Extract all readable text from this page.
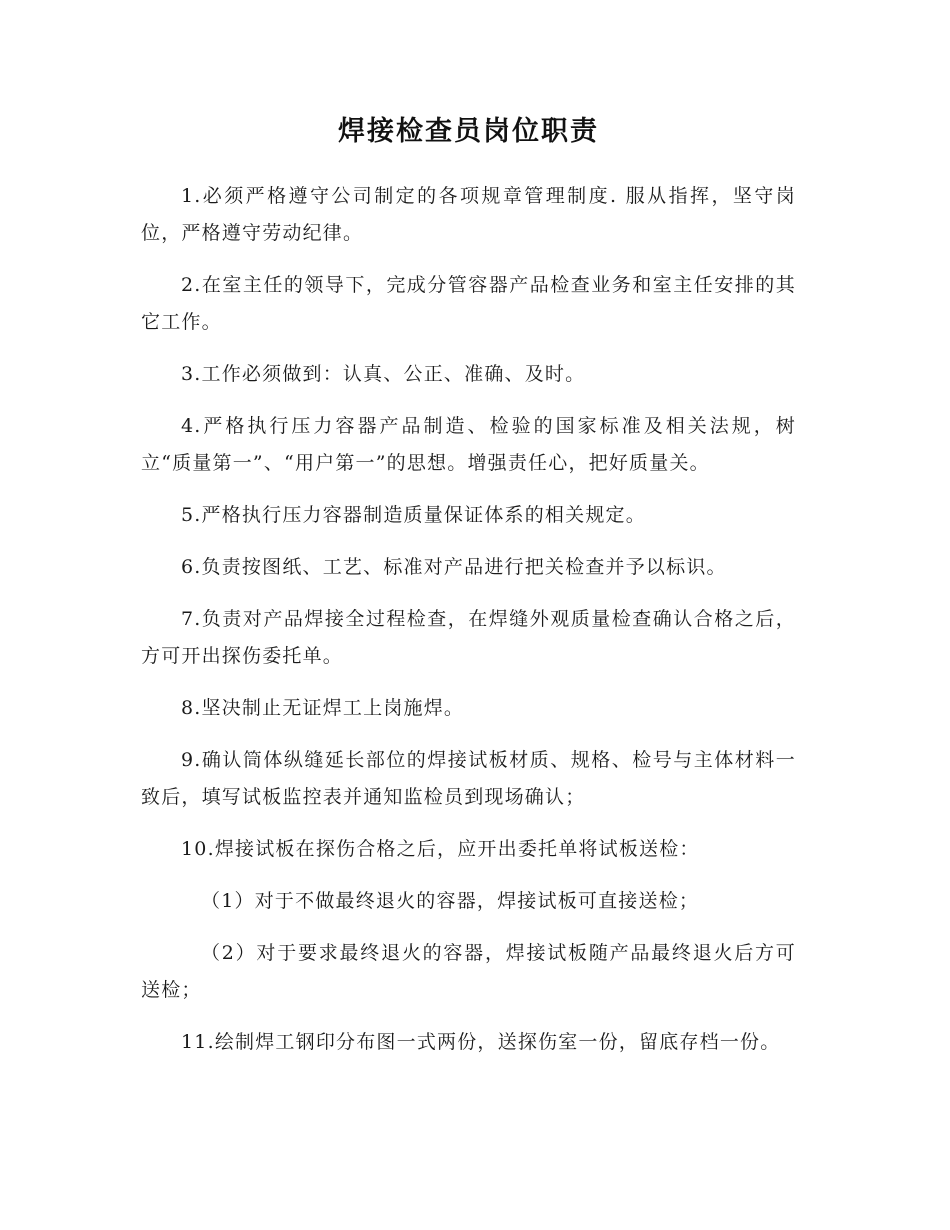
焊接检查员岗位职责

1.必须严格遵守公司制定的各项规章管理制度. 服从指挥，坚守岗位，严格遵守劳动纪律。

2.在室主任的领导下，完成分管容器产品检查业务和室主任安排的其它工作。

3.工作必须做到：认真、公正、准确、及时。

4.严格执行压力容器产品制造、检验的国家标准及相关法规，树立“质量第一”、“用户第一”的思想。增强责任心，把好质量关。

5.严格执行压力容器制造质量保证体系的相关规定。

6.负责按图纸、工艺、标准对产品进行把关检查并予以标识。

7.负责对产品焊接全过程检查，在焊缝外观质量检查确认合格之后，方可开出探伤委托单。

8.坚决制止无证焊工上岗施焊。

9.确认筒体纵缝延长部位的焊接试板材质、规格、检号与主体材料一致后，填写试板监控表并通知监检员到现场确认；

10.焊接试板在探伤合格之后，应开出委托单将试板送检：

（1）对于不做最终退火的容器，焊接试板可直接送检；

（2）对于要求最终退火的容器，焊接试板随产品最终退火后方可送检；

11.绘制焊工钢印分布图一式两份，送探伤室一份，留底存档一份。
